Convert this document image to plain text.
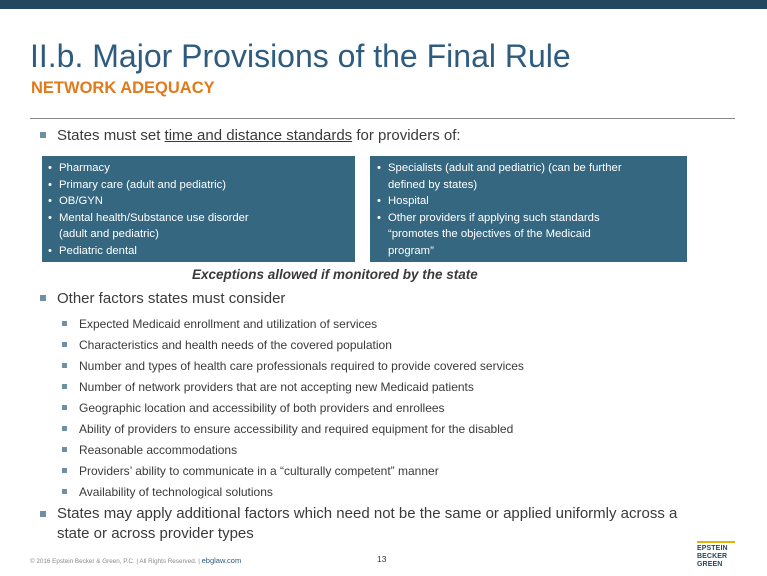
II.b. Major Provisions of the Final Rule
NETWORK ADEQUACY
States must set time and distance standards for providers of:
• Pharmacy
• Primary care (adult and pediatric)
• OB/GYN
• Mental health/Substance use disorder
(adult and pediatric)
• Pediatric dental
• Specialists (adult and pediatric) (can be further
defined by states)
• Hospital
• Other providers if applying such standards
“promotes the objectives of the Medicaid
program”
Exceptions allowed if monitored by the state
Other factors states must consider
Expected Medicaid enrollment and utilization of services
Characteristics and health needs of the covered population
Number and types of health care professionals required to provide covered services
Number of network providers that are not accepting new Medicaid patients
Geographic location and accessibility of both providers and enrollees
Ability of providers to ensure accessibility and required equipment for the disabled
Reasonable accommodations
Providers’ ability to communicate in a “culturally competent” manner
Availability of technological solutions
States may apply additional factors which need not be the same or applied uniformly across a
state or across provider types
© 2016 Epstein Becker & Green, P.C. | All Rights Reserved. | ebglaw.com	13
EPSTEIN
BECKER
GREEN
